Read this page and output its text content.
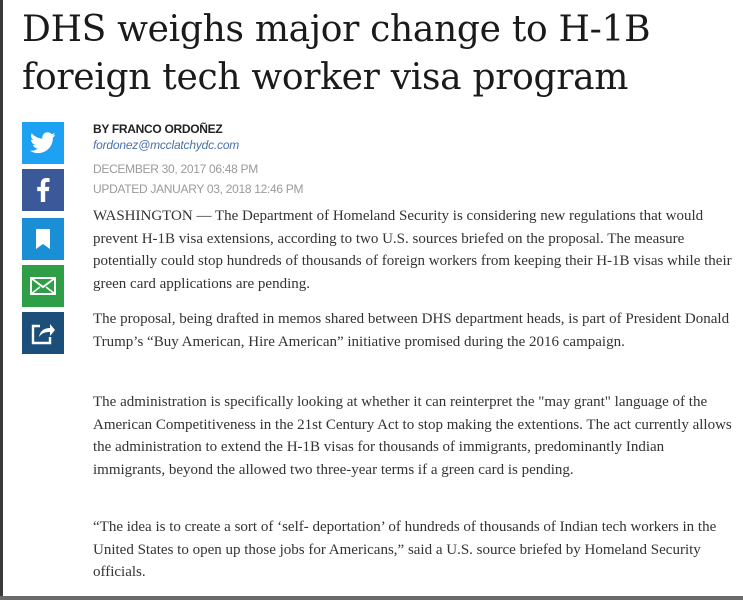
DHS weighs major change to H-1B foreign tech worker visa program
BY FRANCO ORDOÑEZ
fordonez@mcclatchydc.com
DECEMBER 30, 2017 06:48 PM
UPDATED JANUARY 03, 2018 12:46 PM

WASHINGTON — The Department of Homeland Security is considering new regulations that would prevent H-1B visa extensions, according to two U.S. sources briefed on the proposal. The measure potentially could stop hundreds of thousands of foreign workers from keeping their H-1B visas while their green card applications are pending.

The proposal, being drafted in memos shared between DHS department heads, is part of President Donald Trump’s “Buy American, Hire American” initiative promised during the 2016 campaign.

The administration is specifically looking at whether it can reinterpret the "may grant" language of the American Competitiveness in the 21st Century Act to stop making the extentions. The act currently allows the administration to extend the H-1B visas for thousands of immigrants, predominantly Indian immigrants, beyond the allowed two three-year terms if a green card is pending.

“The idea is to create a sort of ‘self- deportation’ of hundreds of thousands of Indian tech workers in the United States to open up those jobs for Americans,” said a U.S. source briefed by Homeland Security officials.
